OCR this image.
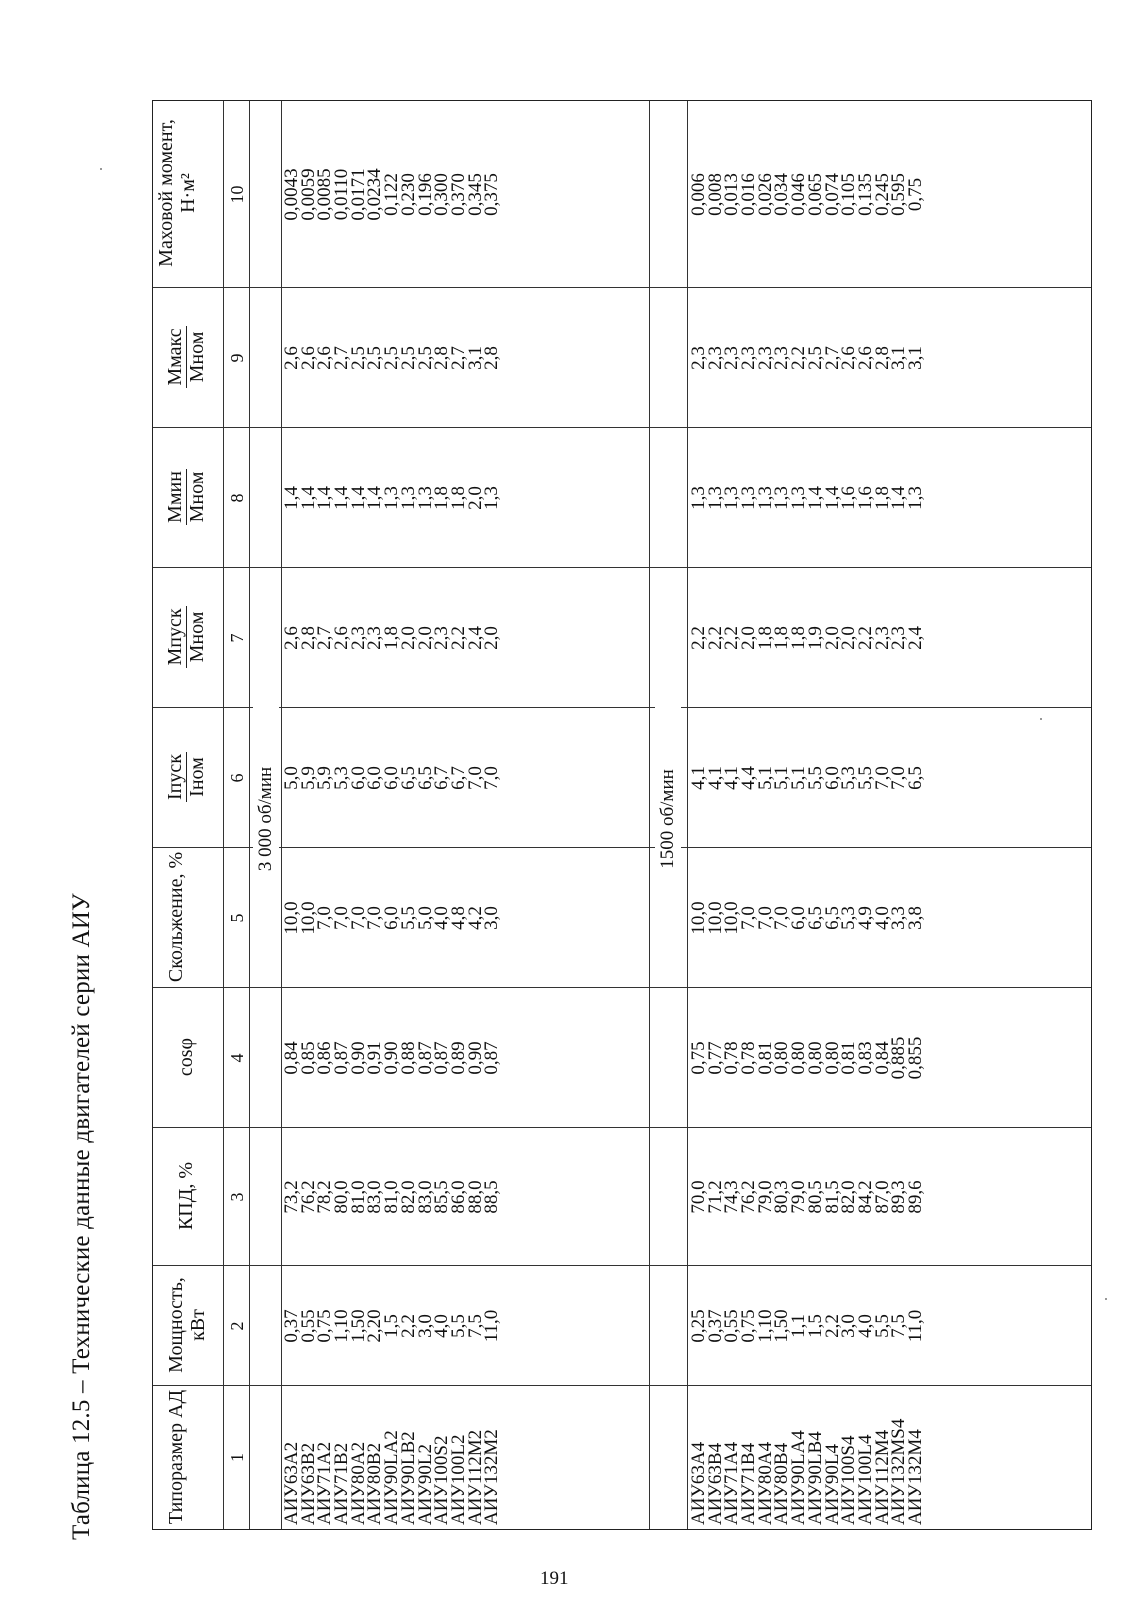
Таблица 12.5 – Технические данные двигателей серии АИУ	Типоразмер АД
Мощность, кВт
КПД, %
cosφ
Скольжение, %
Iпуск Iном
Mпуск Mном
Mмин Mном
Mмакс Mном
Маховой момент, Н·м²
1
2
3
4
5
6
7
8
9
10
3 000 об/мин	1500 об/мин
АИУ63А2
АИУ63В2
АИУ71А2
АИУ71В2
АИУ80А2
АИУ80В2
АИУ90LА2
АИУ90LВ2
АИУ90L2
АИУ100S2
АИУ100L2
АИУ112М2
АИУ132М2
0,37
0,55
0,75
1,10
1,50
2,20
1,5
2,2
3,0
4,0
5,5
7,5
11,0
73,2
76,2
78,2
80,0
81,0
83,0
81,0
82,0
83,0
85,5
86,0
88,0
88,5
0,84
0,85
0,86
0,87
0,90
0,91
0,90
0,88
0,87
0,87
0,89
0,90
0,87
10,0
10,0
7,0
7,0
7,0
7,0
6,0
5,5
5,0
4,0
4,8
4,2
3,0
5,0
5,9
5,9
5,3
6,0
6,0
6,0
6,5
6,5
6,7
6,7
7,0
7,0
2,6
2,8
2,7
2,6
2,3
2,3
1,8
2,0
2,0
2,3
2,2
2,4
2,0
1,4
1,4
1,4
1,4
1,4
1,4
1,3
1,3
1,3
1,8
1,8
2,0
1,3
2,6
2,6
2,6
2,7
2,5
2,5
2,5
2,5
2,5
2,8
2,7
3,1
2,8
0,0043
0,0059
0,0085
0,0110
0,0171
0,0234
0,122
0,230
0,196
0,300
0,370
0,345
0,375
АИУ63А4
АИУ63В4
АИУ71А4
АИУ71В4
АИУ80А4
АИУ80В4
АИУ90LА4
АИУ90LВ4
АИУ90L4
АИУ100S4
АИУ100L4
АИУ112М4
АИУ132МS4
АИУ132М4
0,25
0,37
0,55
0,75
1,10
1,50
1,1
1,5
2,2
3,0
4,0
5,5
7,5
11,0
70,0
71,2
74,3
76,2
79,0
80,3
79,0
80,5
81,5
82,0
84,2
87,0
89,3
89,6
0,75
0,77
0,78
0,78
0,81
0,80
0,80
0,80
0,80
0,81
0,83
0,84
0,885
0,855
10,0
10,0
10,0
7,0
7,0
7,0
6,0
6,5
6,5
5,3
4,9
4,0
3,3
3,8
4,1
4,1
4,1
4,4
5,1
5,1
5,1
5,5
6,0
5,3
5,5
7,0
7,0
6,5
2,2
2,2
2,2
2,0
1,8
1,8
1,8
1,9
2,0
2,0
2,2
2,3
2,3
2,4
1,3
1,3
1,3
1,3
1,3
1,3
1,3
1,4
1,4
1,6
1,6
1,8
1,4
1,3
2,3
2,3
2,3
2,3
2,3
2,3
2,2
2,5
2,7
2,6
2,6
2,8
3,1
3,1
0,006
0,008
0,013
0,016
0,026
0,034
0,046
0,065
0,074
0,105
0,135
0,245
0,595
0,75
191
